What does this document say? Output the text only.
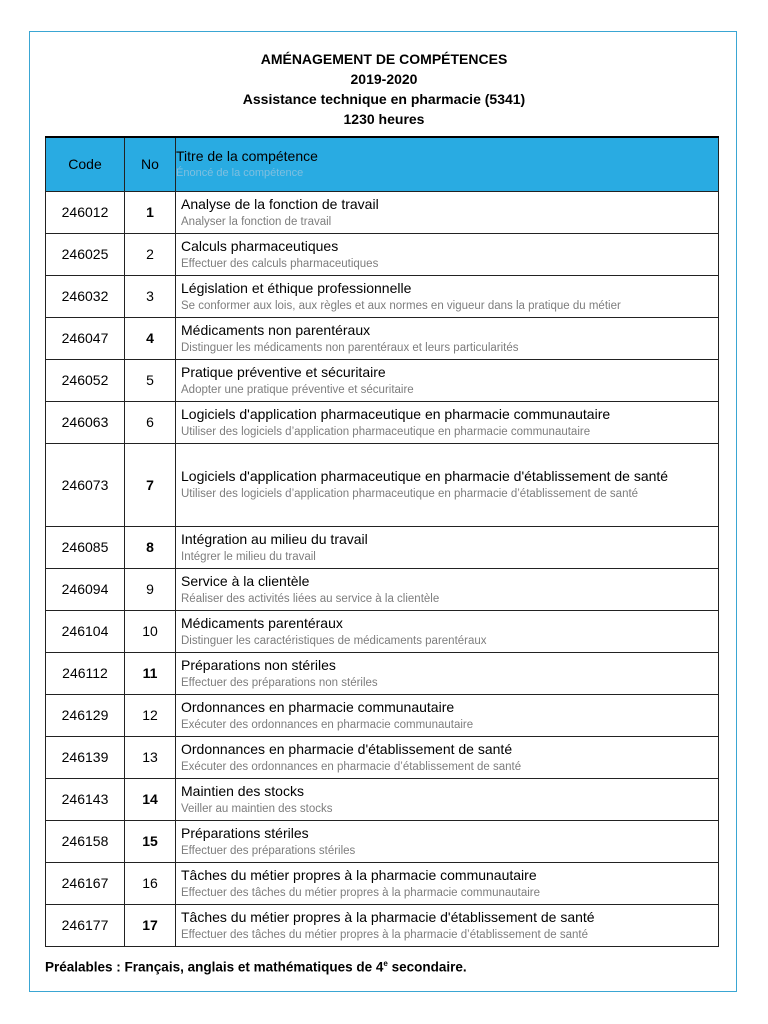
AMÉNAGEMENT DE COMPÉTENCES
2019-2020
Assistance technique en pharmacie (5341)
1230 heures
Code	No	Titre de la compétence
Énoncé de la compétence

246012	1	Analyse de la fonction de travail
Analyser la fonction de travail

246025	2	Calculs pharmaceutiques
Effectuer des calculs pharmaceutiques

246032	3	Législation et éthique professionnelle
Se conformer aux lois, aux règles et aux normes en vigueur dans la pratique du métier

246047	4	Médicaments non parentéraux
Distinguer les médicaments non parentéraux et leurs particularités

246052	5	Pratique préventive et sécuritaire
Adopter une pratique préventive et sécuritaire

246063	6	Logiciels d'application pharmaceutique en pharmacie communautaire
Utiliser des logiciels d’application pharmaceutique en pharmacie communautaire

246073	7	Logiciels d'application pharmaceutique en pharmacie d'établissement de santé
Utiliser des logiciels d’application pharmaceutique en pharmacie d’établissement de santé

246085	8	Intégration au milieu du travail
Intégrer le milieu du travail

246094	9	Service à la clientèle
Réaliser des activités liées au service à la clientèle

246104	10	Médicaments parentéraux
Distinguer les caractéristiques de médicaments parentéraux

246112	11	Préparations non stériles
Effectuer des préparations non stériles

246129	12	Ordonnances en pharmacie communautaire
Exécuter des ordonnances en pharmacie communautaire

246139	13	Ordonnances en pharmacie d'établissement de santé
Exécuter des ordonnances en pharmacie d’établissement de santé

246143	14	Maintien des stocks
Veiller au maintien des stocks

246158	15	Préparations stériles
Effectuer des préparations stériles

246167	16	Tâches du métier propres à la pharmacie communautaire
Effectuer des tâches du métier propres à la pharmacie communautaire

246177	17	Tâches du métier propres à la pharmacie d'établissement de santé
Effectuer des tâches du métier propres à la pharmacie d’établissement de santé
Préalables : Français, anglais et mathématiques de 4e secondaire.
